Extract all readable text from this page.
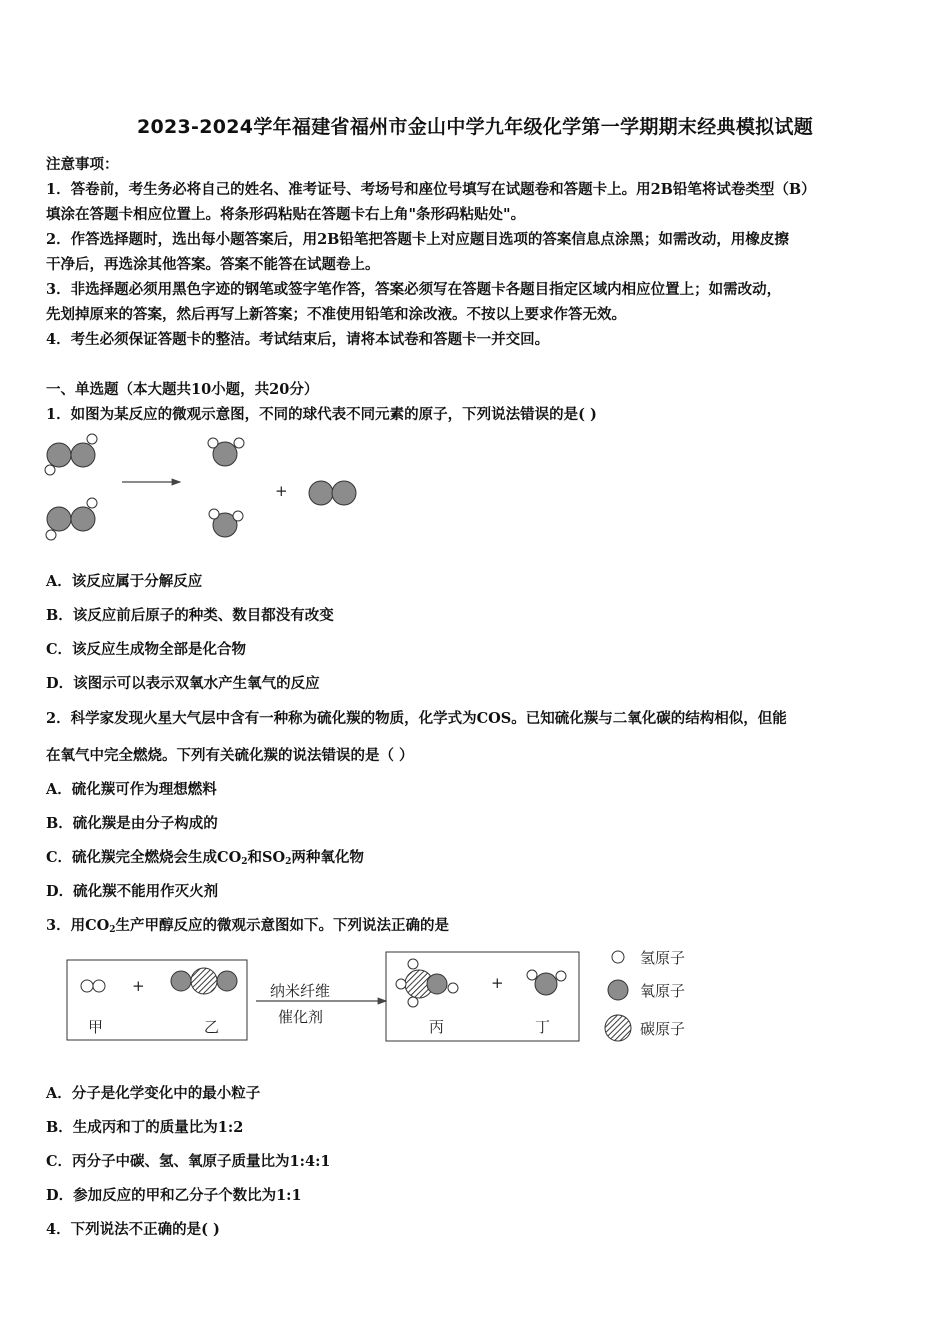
2023-2024学年福建省福州市金山中学九年级化学第一学期期末经典模拟试题
注意事项：
1．答卷前，考生务必将自己的姓名、准考证号、考场号和座位号填写在试题卷和答题卡上。用2B铅笔将试卷类型（B）
填涂在答题卡相应位置上。将条形码粘贴在答题卡右上角"条形码粘贴处"。
2．作答选择题时，选出每小题答案后，用2B铅笔把答题卡上对应题目选项的答案信息点涂黑；如需改动，用橡皮擦
干净后，再选涂其他答案。答案不能答在试题卷上。
3．非选择题必须用黑色字迹的钢笔或签字笔作答，答案必须写在答题卡各题目指定区域内相应位置上；如需改动，
先划掉原来的答案，然后再写上新答案；不准使用铅笔和涂改液。不按以上要求作答无效。
4．考生必须保证答题卡的整洁。考试结束后，请将本试卷和答题卡一并交回。
一、单选题（本大题共10小题，共20分）
1．如图为某反应的微观示意图，不同的球代表不同元素的原子，下列说法错误的是( )
+
A．该反应属于分解反应
B．该反应前后原子的种类、数目都没有改变
C．该反应生成物全部是化合物
D．该图示可以表示双氧水产生氧气的反应
2．科学家发现火星大气层中含有一种称为硫化羰的物质，化学式为COS。已知硫化羰与二氧化碳的结构相似，但能
在氧气中完全燃烧。下列有关硫化羰的说法错误的是（ ）
A．硫化羰可作为理想燃料
B．硫化羰是由分子构成的
C．硫化羰完全燃烧会生成$CO_2$和$SO_2$两种氧化物
D．硫化羰不能用作灭火剂
3．用$CO_2$生产甲醇反应的微观示意图如下。下列说法正确的是
+
甲	乙
纳米纤维
催化剂
+
丙	丁
氢原子
氧原子
碳原子
A．分子是化学变化中的最小粒子
B．生成丙和丁的质量比为1:2
C．丙分子中碳、氢、氧原子质量比为1:4:1
D．参加反应的甲和乙分子个数比为1:1
4．下列说法不正确的是( )
